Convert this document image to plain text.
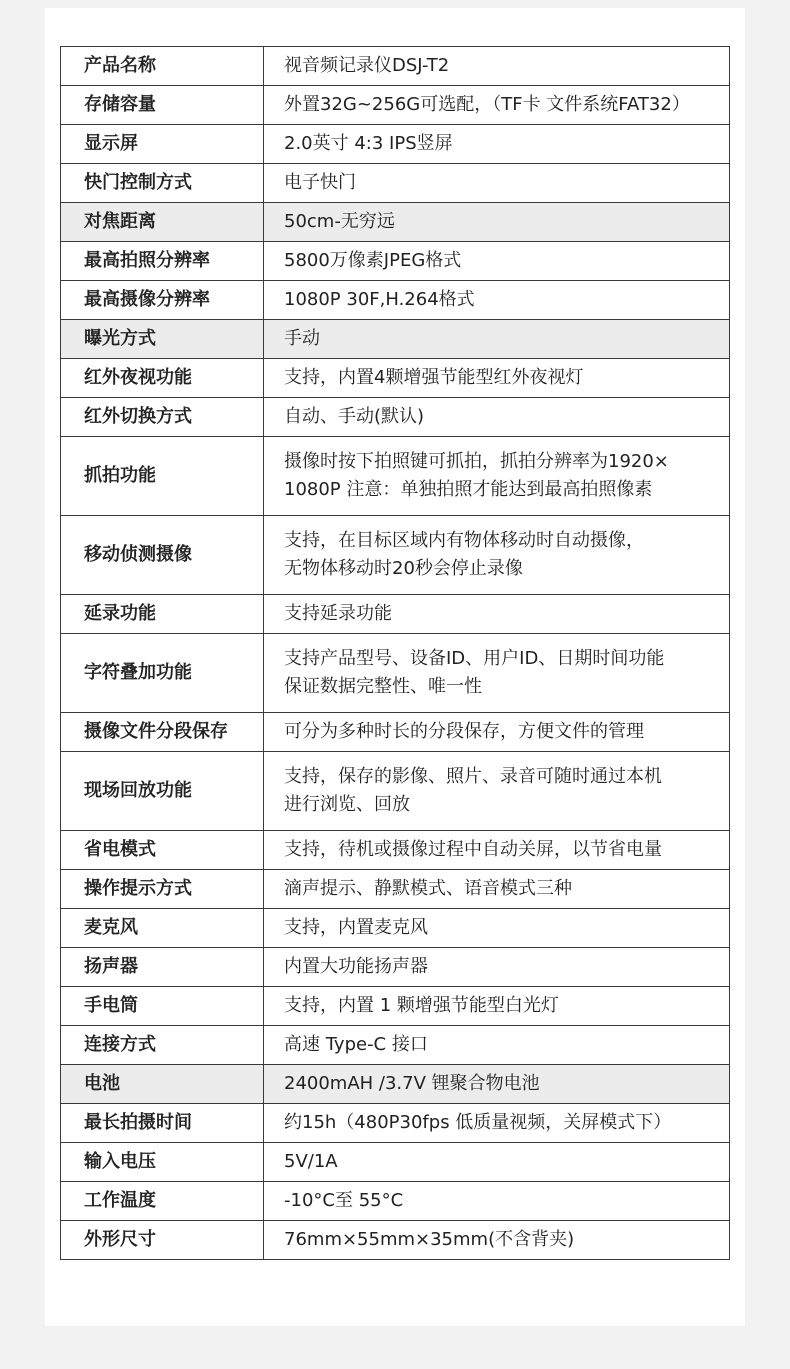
产品名称	视音频记录仪DSJ-T2
存储容量	外置32G~256G可选配，（TF卡 文件系统FAT32）
显示屏	2.0英寸 4:3 IPS竖屏
快门控制方式	电子快门
对焦距离	50cm-无穷远
最高拍照分辨率	5800万像素JPEG格式
最高摄像分辨率	1080P 30F,H.264格式
曝光方式	手动
红外夜视功能	支持，内置4颗增强节能型红外夜视灯
红外切换方式	自动、手动(默认)
抓拍功能	摄像时按下拍照键可抓拍，抓拍分辨率为1920×
1080P 注意：单独拍照才能达到最高拍照像素
移动侦测摄像	支持，在目标区域内有物体移动时自动摄像，
无物体移动时20秒会停止录像
延录功能	支持延录功能
字符叠加功能	支持产品型号、设备ID、用户ID、日期时间功能
保证数据完整性、唯一性
摄像文件分段保存	可分为多种时长的分段保存，方便文件的管理
现场回放功能	支持，保存的影像、照片、录音可随时通过本机
进行浏览、回放
省电模式	支持，待机或摄像过程中自动关屏，以节省电量
操作提示方式	滴声提示、静默模式、语音模式三种
麦克风	支持，内置麦克风
扬声器	内置大功能扬声器
手电筒	支持，内置 1 颗增强节能型白光灯
连接方式	高速 Type-C 接口
电池	2400mAH /3.7V 锂聚合物电池
最长拍摄时间	约15h（480P30fps 低质量视频，关屏模式下）
输入电压	5V/1A
工作温度	-10°C至 55°C
外形尺寸	76mm×55mm×35mm(不含背夹)
